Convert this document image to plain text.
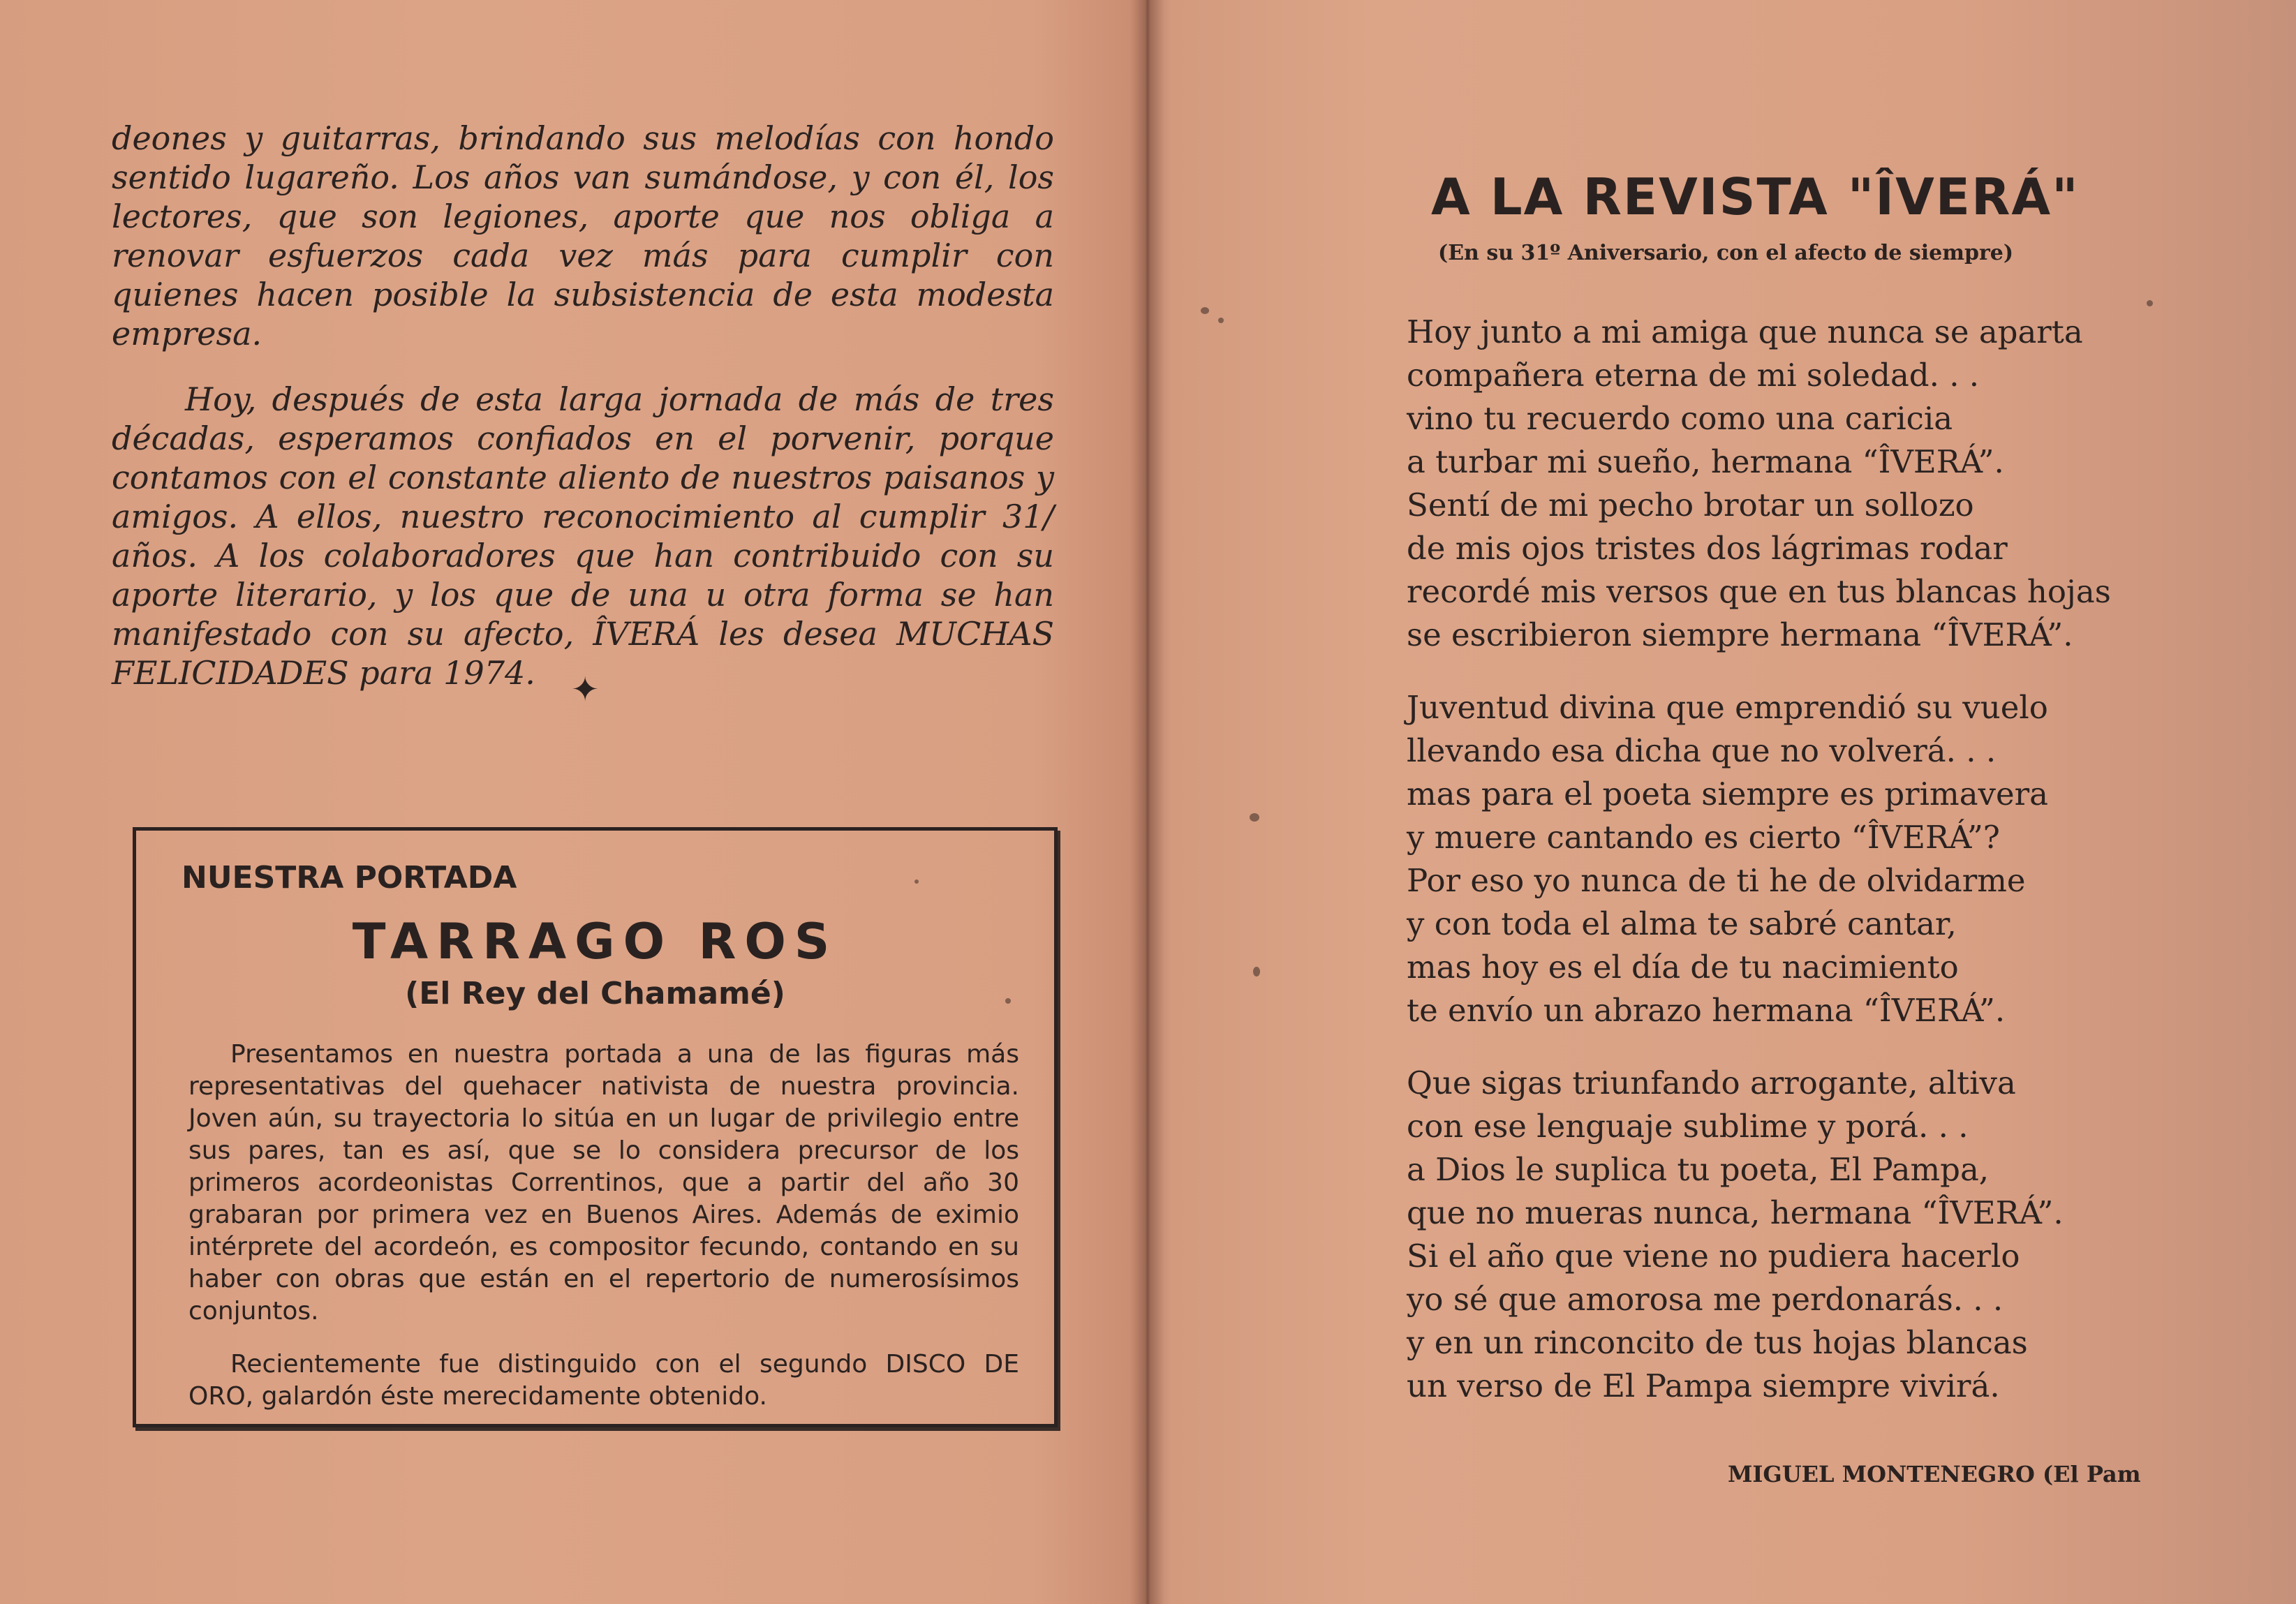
deones y guitarras, brindando sus melodías con hondo sentido lugareño. Los años van sumándose, y con él, los lectores, que son legiones, aporte que nos obliga a renovar esfuerzos cada vez más para cumplir con quienes hacen posible la subsistencia de esta modesta empresa.

Hoy, después de esta larga jornada de más de tres décadas, esperamos confiados en el porvenir, porque contamos con el constante aliento de nuestros paisanos y amigos. A ellos, nuestro reconocimiento al cumplir 31/ años. A los colaboradores que han contribuido con su aporte literario, y los que de una u otra forma se han manifestado con su afecto, ÎVERÁ les desea MUCHAS FELICIDADES para 1974.	✦
NUESTRA PORTADA
TARRAGO ROS
(El Rey del Chamamé)

Presentamos en nuestra portada a una de las figuras más representativas del quehacer nativista de nuestra provincia. Joven aún, su trayectoria lo sitúa en un lugar de privilegio entre sus pares, tan es así, que se lo considera precursor de los primeros acordeonistas Correntinos, que a partir del año 30 grabaran por primera vez en Buenos Aires. Además de eximio intérprete del acordeón, es compositor fecundo, contando en su haber con obras que están en el repertorio de numerosísimos conjuntos.

Recientemente fue distinguido con el segundo DISCO DE ORO, galardón éste merecidamente obtenido.

A LA REVISTA "ÎVERÁ"
(En su 31º Aniversario, con el afecto de siempre)
Hoy junto a mi amiga que nunca se aparta
compañera eterna de mi soledad. . .
vino tu recuerdo como una caricia
a turbar mi sueño, hermana “ÎVERÁ”.
Sentí de mi pecho brotar un sollozo
de mis ojos tristes dos lágrimas rodar
recordé mis versos que en tus blancas hojas
se escribieron siempre hermana “ÎVERÁ”.
Juventud divina que emprendió su vuelo
llevando esa dicha que no volverá. . .
mas para el poeta siempre es primavera
y muere cantando es cierto “ÎVERÁ”?
Por eso yo nunca de ti he de olvidarme
y con toda el alma te sabré cantar,
mas hoy es el día de tu nacimiento
te envío un abrazo hermana “ÎVERÁ”.
Que sigas triunfando arrogante, altiva
con ese lenguaje sublime y porá. . .
a Dios le suplica tu poeta, El Pampa,
que no mueras nunca, hermana “ÎVERÁ”.
Si el año que viene no pudiera hacerlo
yo sé que amorosa me perdonarás. . .
y en un rinconcito de tus hojas blancas
un verso de El Pampa siempre vivirá.
MIGUEL MONTENEGRO (El Pam
